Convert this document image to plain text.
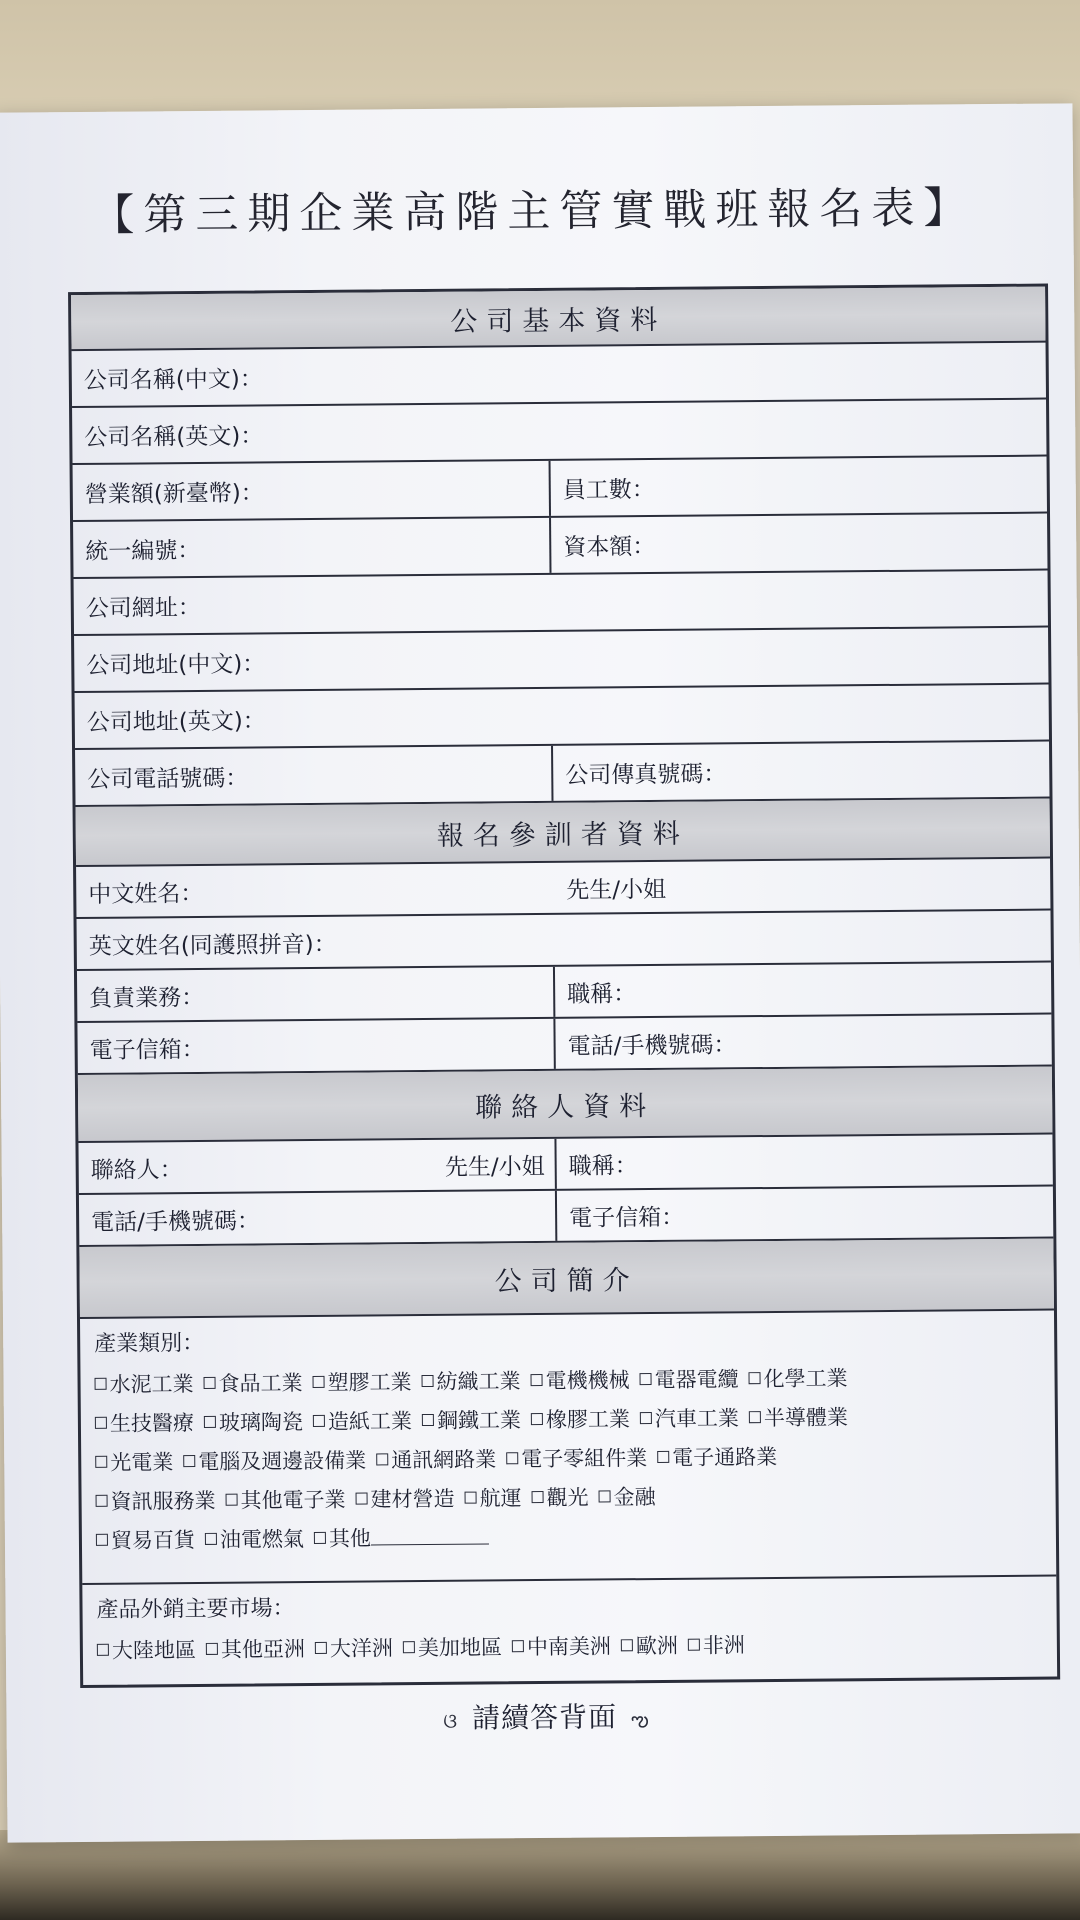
【第三期企業高階主管實戰班報名表】
公司基本資料
公司名稱(中文)：
公司名稱(英文)：
營業額(新臺幣)：	員工數：
統一編號：	資本額：
公司網址：
公司地址(中文)：
公司地址(英文)：
公司電話號碼：	公司傳真號碼：
報名參訓者資料
中文姓名：	先生/小姐
英文姓名(同護照拼音)：
負責業務：	職稱：
電子信箱：	電話/手機號碼：
聯絡人資料
聯絡人：	先生/小姐	職稱：
電話/手機號碼：	電子信箱：
公司簡介
產業類別：
水泥工業 食品工業 塑膠工業 紡織工業 電機機械 電器電纜 化學工業
生技醫療 玻璃陶瓷 造紙工業 鋼鐵工業 橡膠工業 汽車工業 半導體業
光電業 電腦及週邊設備業 通訊網路業 電子零組件業 電子通路業
資訊服務業 其他電子業 建材營造 航運 觀光 金融
貿易百貨 油電燃氣 其他
產品外銷主要市場：
大陸地區 其他亞洲 大洋洲 美加地區 中南美洲 歐洲 非洲
ଓ 請續答背面 ఌ
